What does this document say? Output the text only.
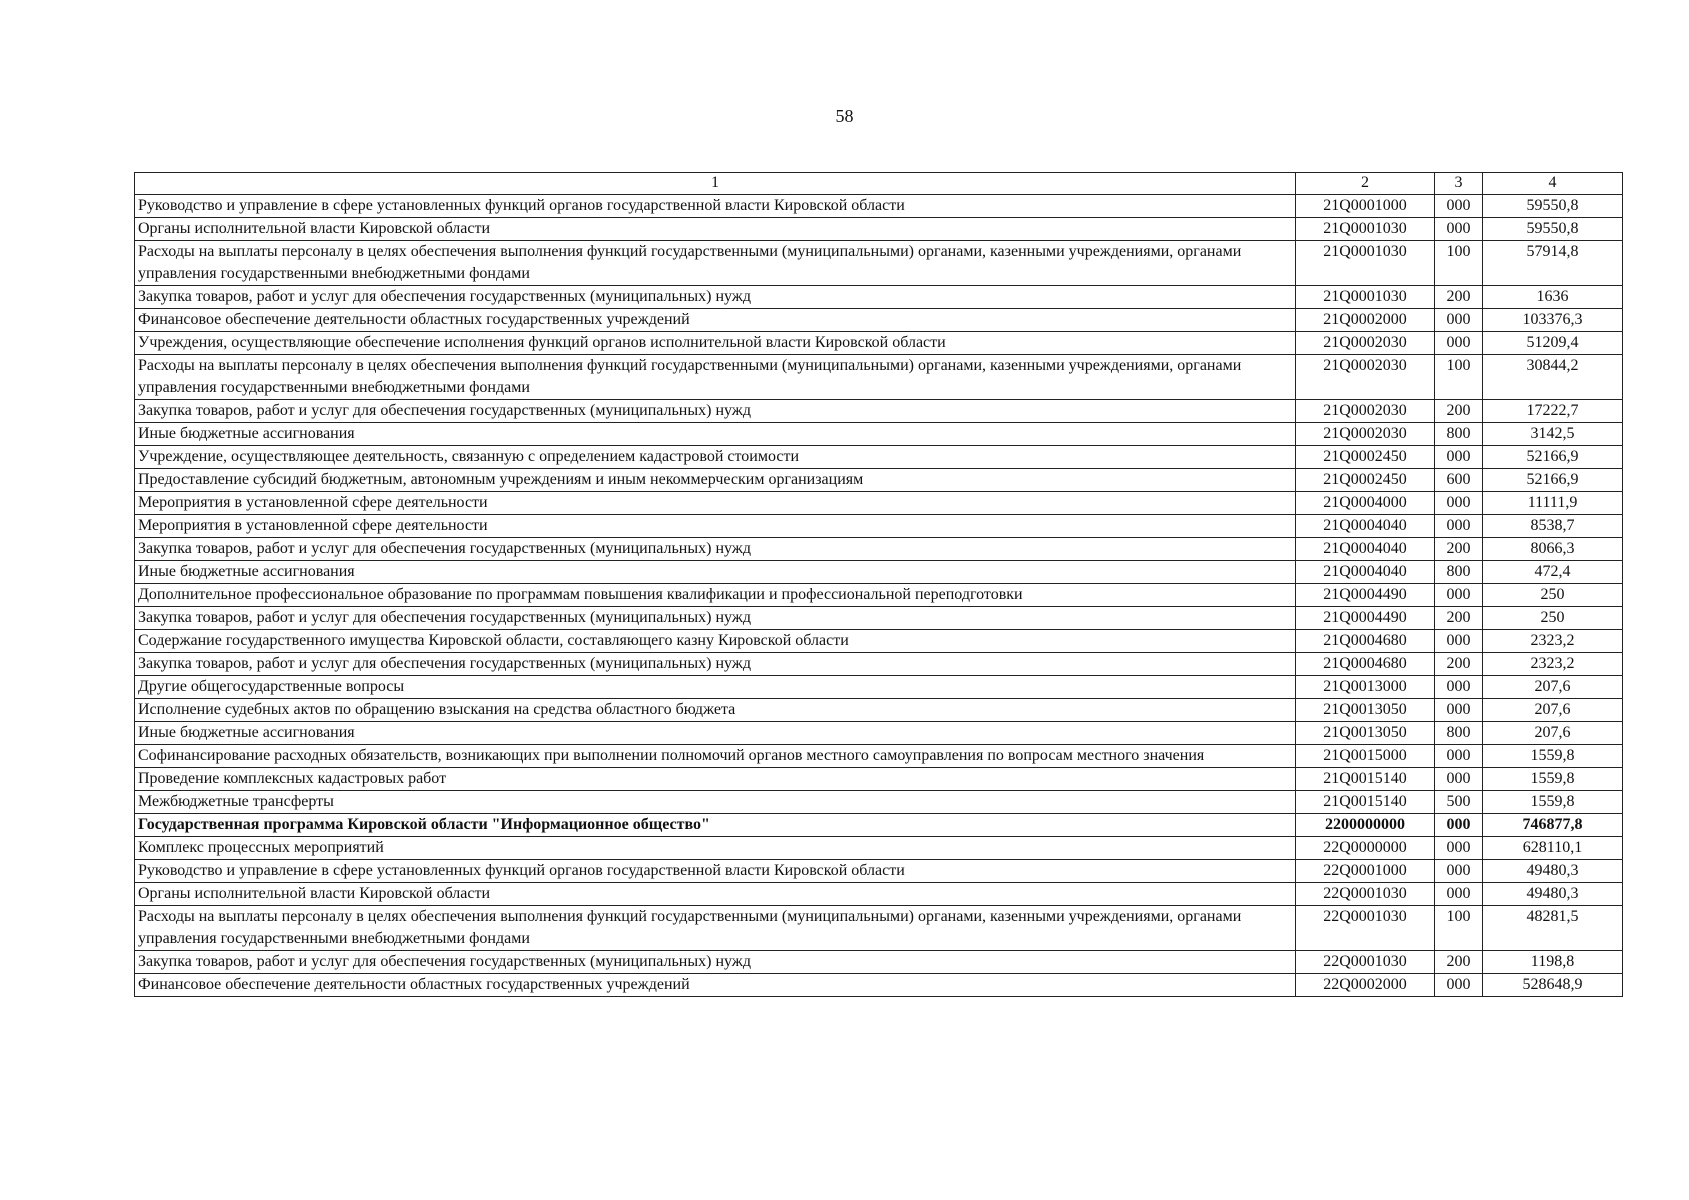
58
1	2	3	4
Руководство и управление в сфере установленных функций органов государственной власти Кировской области	21Q0001000	000	59550,8
Органы исполнительной власти Кировской области	21Q0001030	000	59550,8
Расходы на выплаты персоналу в целях обеспечения выполнения функций государственными (муниципальными) органами, казенными учреждениями, органами управления государственными внебюджетными фондами	21Q0001030	100	57914,8
Закупка товаров, работ и услуг для обеспечения государственных (муниципальных) нужд	21Q0001030	200	1636
Финансовое обеспечение деятельности областных государственных учреждений	21Q0002000	000	103376,3
Учреждения, осуществляющие обеспечение исполнения функций органов исполнительной власти Кировской области	21Q0002030	000	51209,4
Расходы на выплаты персоналу в целях обеспечения выполнения функций государственными (муниципальными) органами, казенными учреждениями, органами управления государственными внебюджетными фондами	21Q0002030	100	30844,2
Закупка товаров, работ и услуг для обеспечения государственных (муниципальных) нужд	21Q0002030	200	17222,7
Иные бюджетные ассигнования	21Q0002030	800	3142,5
Учреждение, осуществляющее деятельность, связанную с определением кадастровой стоимости	21Q0002450	000	52166,9
Предоставление субсидий бюджетным, автономным учреждениям и иным некоммерческим организациям	21Q0002450	600	52166,9
Мероприятия в установленной сфере деятельности	21Q0004000	000	11111,9
Мероприятия в установленной сфере деятельности	21Q0004040	000	8538,7
Закупка товаров, работ и услуг для обеспечения государственных (муниципальных) нужд	21Q0004040	200	8066,3
Иные бюджетные ассигнования	21Q0004040	800	472,4
Дополнительное профессиональное образование по программам повышения квалификации и профессиональной переподготовки	21Q0004490	000	250
Закупка товаров, работ и услуг для обеспечения государственных (муниципальных) нужд	21Q0004490	200	250
Содержание государственного имущества Кировской области, составляющего казну Кировской области	21Q0004680	000	2323,2
Закупка товаров, работ и услуг для обеспечения государственных (муниципальных) нужд	21Q0004680	200	2323,2
Другие общегосударственные вопросы	21Q0013000	000	207,6
Исполнение судебных актов по обращению взыскания на средства областного бюджета	21Q0013050	000	207,6
Иные бюджетные ассигнования	21Q0013050	800	207,6
Софинансирование расходных обязательств, возникающих при выполнении полномочий органов местного самоуправления по вопросам местного значения	21Q0015000	000	1559,8
Проведение комплексных кадастровых работ	21Q0015140	000	1559,8
Межбюджетные трансферты	21Q0015140	500	1559,8
Государственная программа Кировской области "Информационное общество"	2200000000	000	746877,8
Комплекс процессных мероприятий	22Q0000000	000	628110,1
Руководство и управление в сфере установленных функций органов государственной власти Кировской области	22Q0001000	000	49480,3
Органы исполнительной власти Кировской области	22Q0001030	000	49480,3
Расходы на выплаты персоналу в целях обеспечения выполнения функций государственными (муниципальными) органами, казенными учреждениями, органами управления государственными внебюджетными фондами	22Q0001030	100	48281,5
Закупка товаров, работ и услуг для обеспечения государственных (муниципальных) нужд	22Q0001030	200	1198,8
Финансовое обеспечение деятельности областных государственных учреждений	22Q0002000	000	528648,9
